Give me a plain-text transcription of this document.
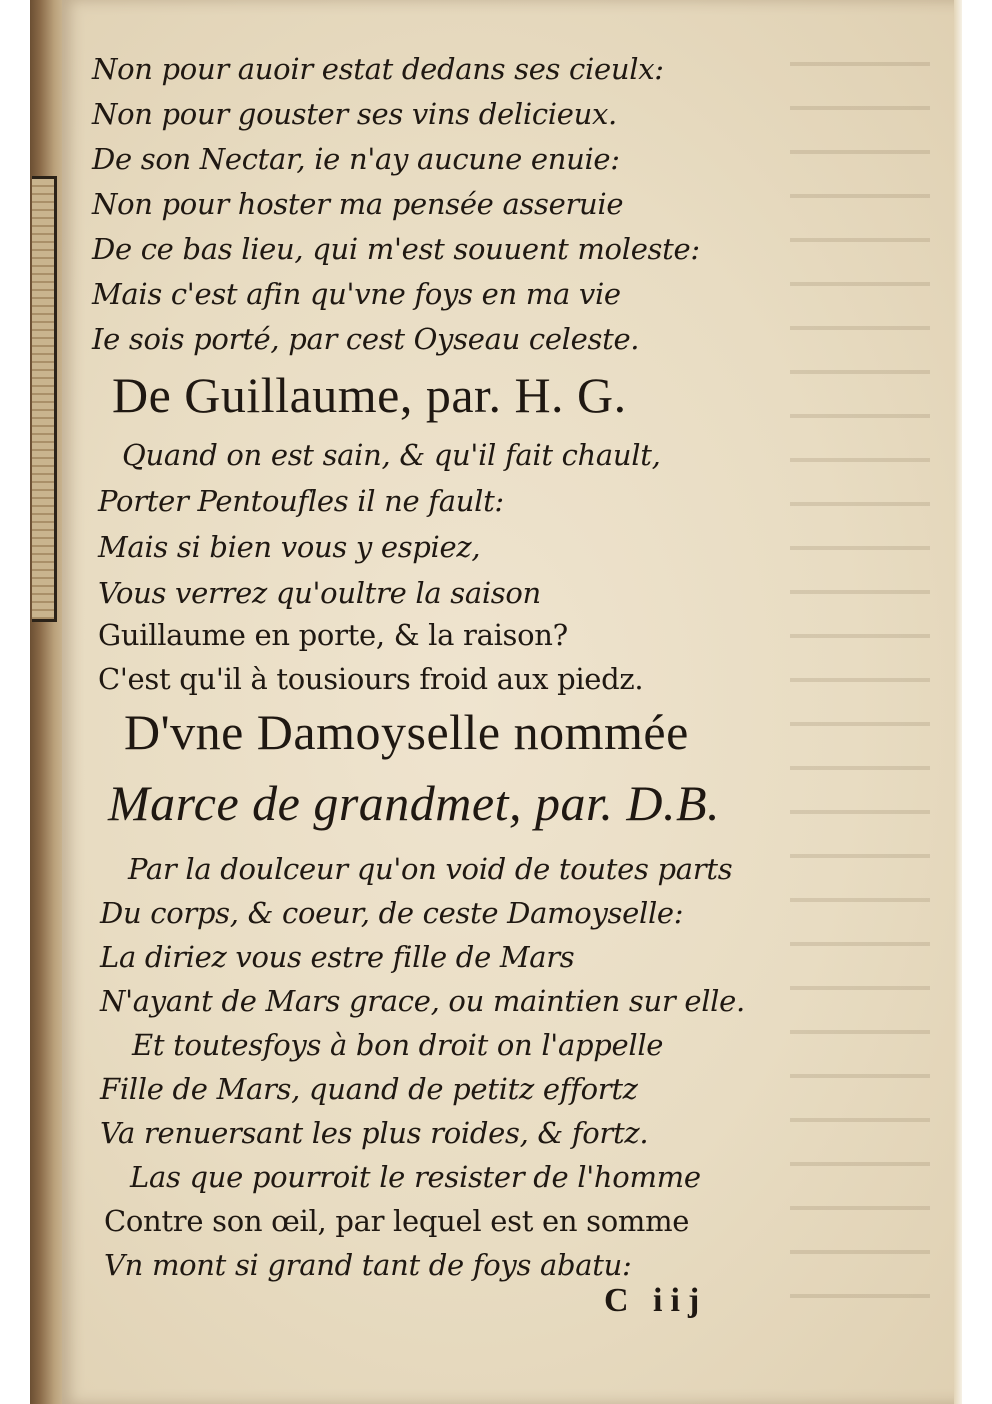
Non pour auoir estat dedans ses cieulx:
Non pour gouster ses vins delicieux.
De son Nectar, ie n'ay aucune enuie:
Non pour hoster ma pensée asseruie
De ce bas lieu, qui m'est souuent moleste:
Mais c'est afin qu'vne foys en ma vie
Ie sois porté, par cest Oyseau celeste.
De Guillaume, par. H. G.
Quand on est sain, & qu'il fait chault,
Porter Pentoufles il ne fault:
Mais si bien vous y espiez,
Vous verrez qu'oultre la saison
Guillaume en porte, & la raison?
C'est qu'il à tousiours froid aux piedz.
D'vne Damoyselle nommée
Marce de grandmet, par. D.B.
Par la doulceur qu'on void de toutes parts
Du corps, & coeur, de ceste Damoyselle:
La diriez vous estre fille de Mars
N'ayant de Mars grace, ou maintien sur elle.
Et toutesfoys à bon droit on l'appelle
Fille de Mars, quand de petitz effortz
Va renuersant les plus roides, & fortz.
Las que pourroit le resister de l'homme
Contre son œil, par lequel est en somme
Vn mont si grand tant de foys abatu:
C iij
